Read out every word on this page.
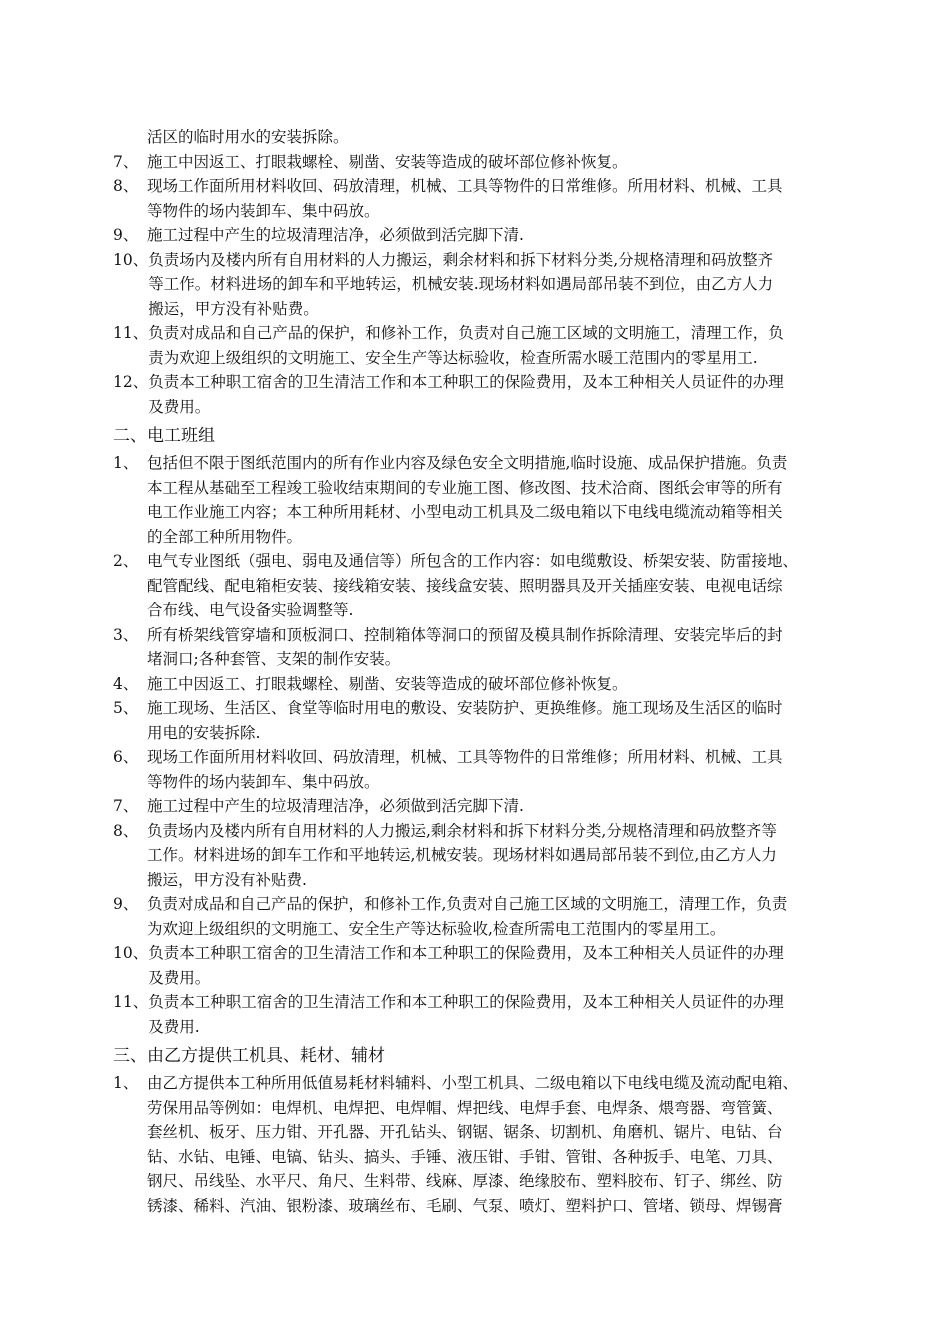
活区的临时用水的安装拆除。
7、 施工中因返工、打眼栽螺栓、剔凿、安装等造成的破坏部位修补恢复。
8、 现场工作面所用材料收回、码放清理，机械、工具等物件的日常维修。所用材料、机械、工具
等物件的场内装卸车、集中码放。
9、 施工过程中产生的垃圾清理洁净，必须做到活完脚下清.
10、 负责场内及楼内所有自用材料的人力搬运，剩余材料和拆下材料分类,分规格清理和码放整齐
等工作。材料进场的卸车和平地转运，机械安装.现场材料如遇局部吊装不到位，由乙方人力
搬运，甲方没有补贴费。
11、 负责对成品和自己产品的保护，和修补工作，负责对自己施工区域的文明施工，清理工作，负
责为欢迎上级组织的文明施工、安全生产等达标验收，检查所需水暖工范围内的零星用工.
12、 负责本工种职工宿舍的卫生清洁工作和本工种职工的保险费用，及本工种相关人员证件的办理
及费用。
二、电工班组
1、 包括但不限于图纸范围内的所有作业内容及绿色安全文明措施,临时设施、成品保护措施。负责
本工程从基础至工程竣工验收结束期间的专业施工图、修改图、技术洽商、图纸会审等的所有
电工作业施工内容；本工种所用耗材、小型电动工机具及二级电箱以下电线电缆流动箱等相关
的全部工种所用物件。
2、 电气专业图纸（强电、弱电及通信等）所包含的工作内容：如电缆敷设、桥架安装、防雷接地、
配管配线、配电箱柜安装、接线箱安装、接线盒安装、照明器具及开关插座安装、电视电话综
合布线、电气设备实验调整等.
3、 所有桥架线管穿墙和顶板洞口、控制箱体等洞口的预留及模具制作拆除清理、安装完毕后的封
堵洞口;各种套管、支架的制作安装。
4、 施工中因返工、打眼栽螺栓、剔凿、安装等造成的破坏部位修补恢复。
5、 施工现场、生活区、食堂等临时用电的敷设、安装防护、更换维修。施工现场及生活区的临时
用电的安装拆除.
6、 现场工作面所用材料收回、码放清理，机械、工具等物件的日常维修；所用材料、机械、工具
等物件的场内装卸车、集中码放。
7、 施工过程中产生的垃圾清理洁净，必须做到活完脚下清.
8、 负责场内及楼内所有自用材料的人力搬运,剩余材料和拆下材料分类,分规格清理和码放整齐等
工作。材料进场的卸车工作和平地转运,机械安装。现场材料如遇局部吊装不到位,由乙方人力
搬运，甲方没有补贴费.
9、 负责对成品和自己产品的保护，和修补工作,负责对自己施工区域的文明施工，清理工作，负责
为欢迎上级组织的文明施工、安全生产等达标验收,检查所需电工范围内的零星用工。
10、 负责本工种职工宿舍的卫生清洁工作和本工种职工的保险费用，及本工种相关人员证件的办理
及费用。
11、 负责本工种职工宿舍的卫生清洁工作和本工种职工的保险费用，及本工种相关人员证件的办理
及费用.
三、由乙方提供工机具、耗材、辅材
1、 由乙方提供本工种所用低值易耗材料辅料、小型工机具、二级电箱以下电线电缆及流动配电箱、
劳保用品等例如：电焊机、电焊把、电焊帽、焊把线、电焊手套、电焊条、煨弯器、弯管簧、
套丝机、板牙、压力钳、开孔器、开孔钻头、钢锯、锯条、切割机、角磨机、锯片、电钻、台
钻、水钻、电锤、电镐、钻头、搞头、手锤、液压钳、手钳、管钳、各种扳手、电笔、刀具、
钢尺、吊线坠、水平尺、角尺、生料带、线麻、厚漆、绝缘胶布、塑料胶布、钉子、绑丝、防
锈漆、稀料、汽油、银粉漆、玻璃丝布、毛刷、气泵、喷灯、塑料护口、管堵、锁母、焊锡膏
